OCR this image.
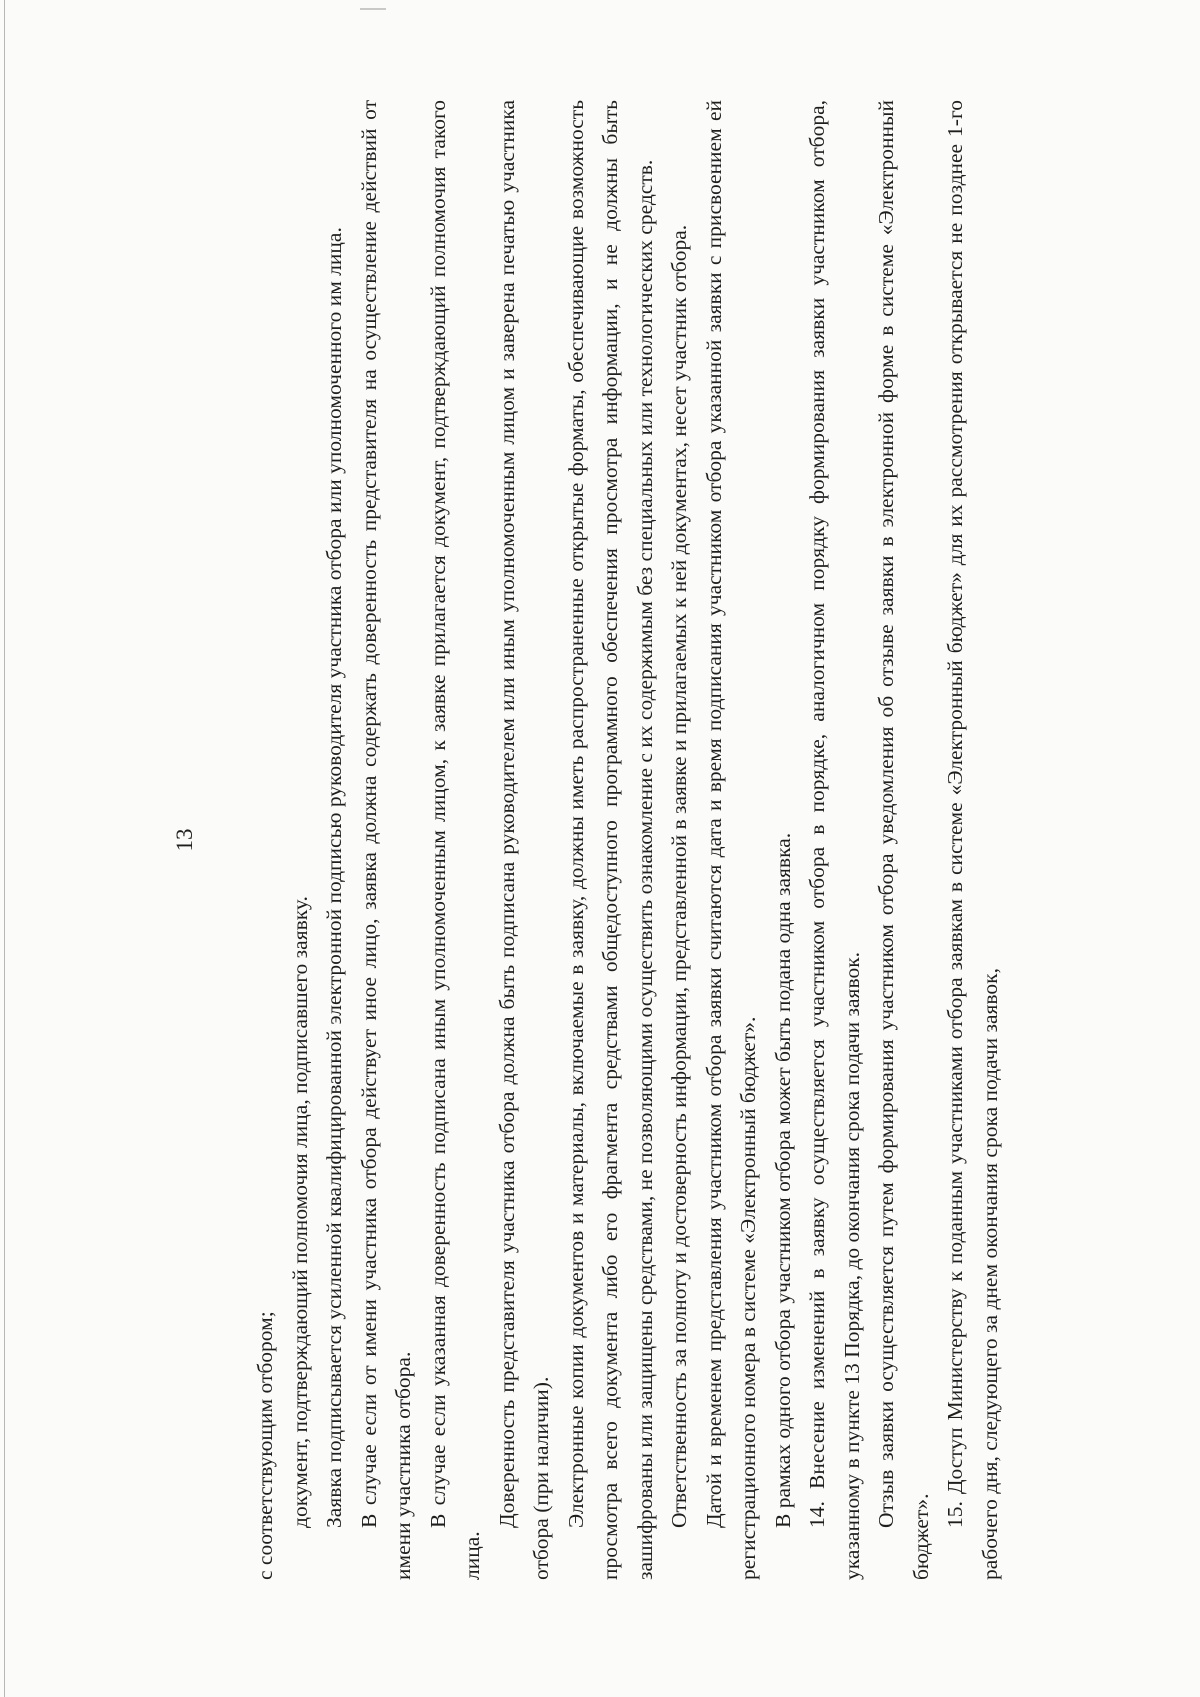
13

с соответствующим отбором; документ, подтверждающий полномочия лица, подписавшего заявку. Заявка подписывается усиленной квалифицированной электронной подписью руководителя участника отбора или уполномоченного им лица. В случае если от имени участника отбора действует иное лицо, заявка должна содержать доверенность представителя на осуществление действий от имени участника отбора. В случае если указанная доверенность подписана иным уполномоченным лицом, к заявке прилагается документ, подтверждающий полномочия такого лица.

Доверенность представителя участника отбора должна быть подписана руководителем или иным уполномоченным лицом и заверена печатью участника отбора (при наличии). Электронные копии документов и материалы, включаемые в заявку, должны иметь распространенные открытые форматы, обеспечивающие возможность просмотра всего документа либо его фрагмента средствами общедоступного программного обеспечения просмотра информации, и не должны быть зашифрованы или защищены средствами, не позволяющими осуществить ознакомление с их содержимым без специальных или технологических средств. Ответственность за полноту и достоверность информации, представленной в заявке и прилагаемых к ней документах, несет участник отбора. Датой и временем представления участником отбора заявки считаются дата и время подписания участником отбора указанной заявки с присвоением ей регистрационного номера в системе «Электронный бюджет». В рамках одного отбора участником отбора может быть подана одна заявка. 14. Внесение изменений в заявку осуществляется участником отбора в порядке, аналогичном порядку формирования заявки участником отбора, указанному в пункте 13 Порядка, до окончания срока подачи заявок. Отзыв заявки осуществляется путем формирования участником отбора уведомления об отзыве заявки в электронной форме в системе «Электронный бюджет».

15. Доступ Министерству к поданным участниками отбора заявкам в системе «Электронный бюджет» для их рассмотрения открывается не позднее 1-го рабочего дня, следующего за днем окончания срока подачи заявок,
